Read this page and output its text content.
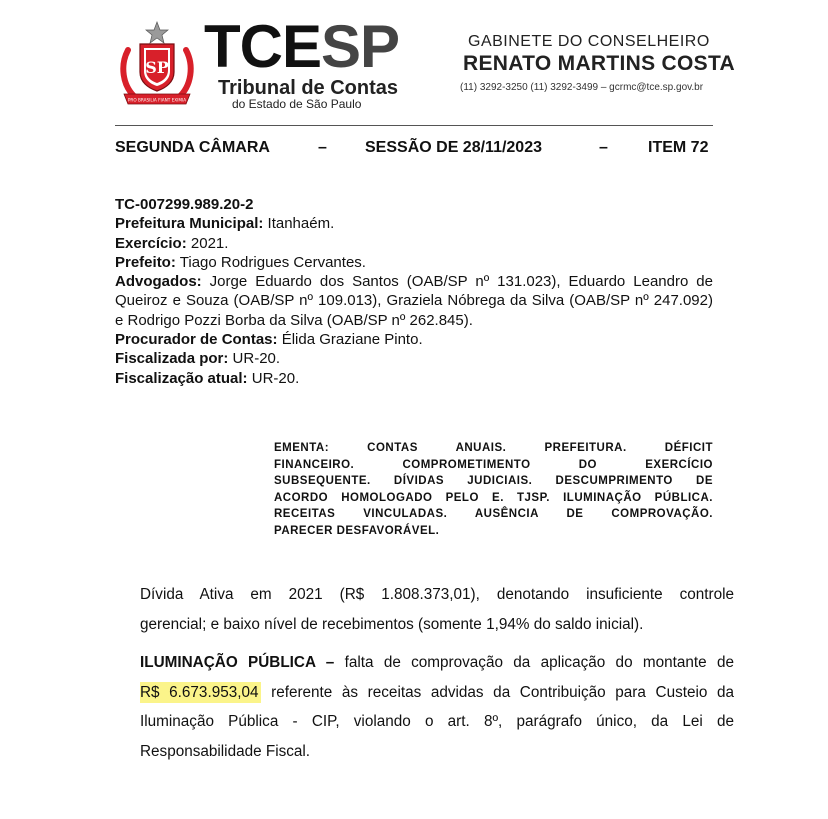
SP
PRO BRASILIA FIANT EXIMIA
TCESP
Tribunal de Contas
do Estado de São Paulo
GABINETE DO CONSELHEIRO
RENATO MARTINS COSTA
(11) 3292-3250 (11) 3292-3499 – gcrmc@tce.sp.gov.br
SEGUNDA CÂMARA	– SESSÃO DE 28/11/2023	–	ITEM 72
TC-007299.989.20-2
Prefeitura Municipal: Itanhaém.
Exercício: 2021.
Prefeito: Tiago Rodrigues Cervantes.
Advogados: Jorge Eduardo dos Santos (OAB/SP nº 131.023), Eduardo Leandro de Queiroz e Souza (OAB/SP nº 109.013), Graziela Nóbrega da Silva (OAB/SP nº 247.092) e Rodrigo Pozzi Borba da Silva (OAB/SP nº 262.845).
Procurador de Contas: Élida Graziane Pinto.
Fiscalizada por: UR-20.
Fiscalização atual: UR-20.
EMENTA: CONTAS ANUAIS. PREFEITURA. DÉFICIT
FINANCEIRO. COMPROMETIMENTO DO EXERCÍCIO
SUBSEQUENTE. DÍVIDAS JUDICIAIS. DESCUMPRIMENTO DE
ACORDO HOMOLOGADO PELO E. TJSP. ILUMINAÇÃO PÚBLICA.
RECEITAS VINCULADAS. AUSÊNCIA DE COMPROVAÇÃO.
PARECER DESFAVORÁVEL.
Dívida Ativa em 2021 (R$ 1.808.373,01), denotando insuficiente controle
gerencial; e baixo nível de recebimentos (somente 1,94% do saldo inicial).
ILUMINAÇÃO PÚBLICA – falta de comprovação da aplicação do montante de
R$ 6.673.953,04 referente às receitas advidas da Contribuição para Custeio da
Iluminação Pública - CIP, violando o art. 8º, parágrafo único, da Lei de
Responsabilidade Fiscal.
